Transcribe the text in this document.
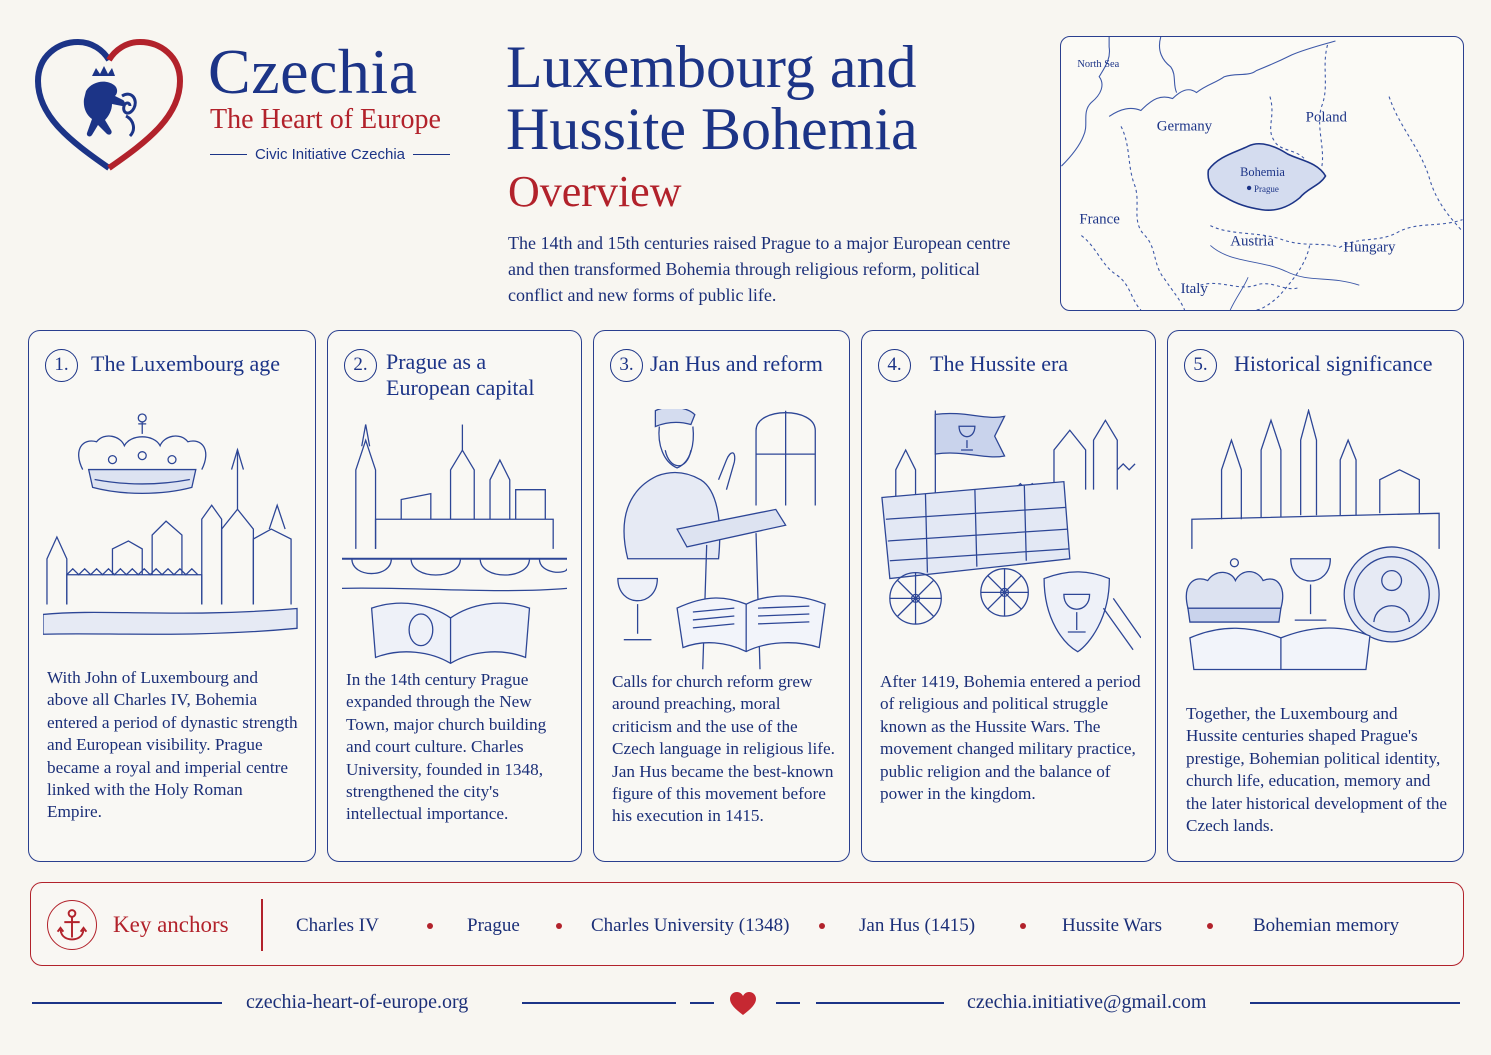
Czechia
The Heart of Europe
Civic Initiative Czechia
Luxembourg and
Hussite Bohemia
Overview
The 14th and 15th centuries raised Prague to a major European centre and then transformed Bohemia through religious reform, political conflict and new forms of public life.
North Sea
Germany
Poland
Bohemia
Prague
France
Austria	Hungary
Italy
1.	The Luxembourg age
With John of Luxembourg and above all Charles IV, Bohemia entered a period of dynastic strength and European visibility. Prague became a royal and imperial centre linked with the Holy Roman Empire.
2. Prague as a
European capital
In the 14th century Prague expanded through the New Town, major church building and court culture. Charles University, founded in 1348, strengthened the city's intellectual importance.
3. Jan Hus and reform
Calls for church reform grew around preaching, moral criticism and the use of the Czech language in religious life. Jan Hus became the best-known figure of this movement before his execution in 1415.
4.	The Hussite era
After 1419, Bohemia entered a period of religious and political struggle known as the Hussite Wars. The movement changed military practice, public religion and the balance of power in the kingdom.
5.	Historical significance
Together, the Luxembourg and Hussite centuries shaped Prague's prestige, Bohemian political identity, church life, education, memory and the later historical development of the Czech lands.
Key anchors	Charles IV	Prague	Charles University (1348)	Jan Hus (1415)	Hussite Wars	Bohemian memory
czechia-heart-of-europe.org	czechia.initiative@gmail.com
